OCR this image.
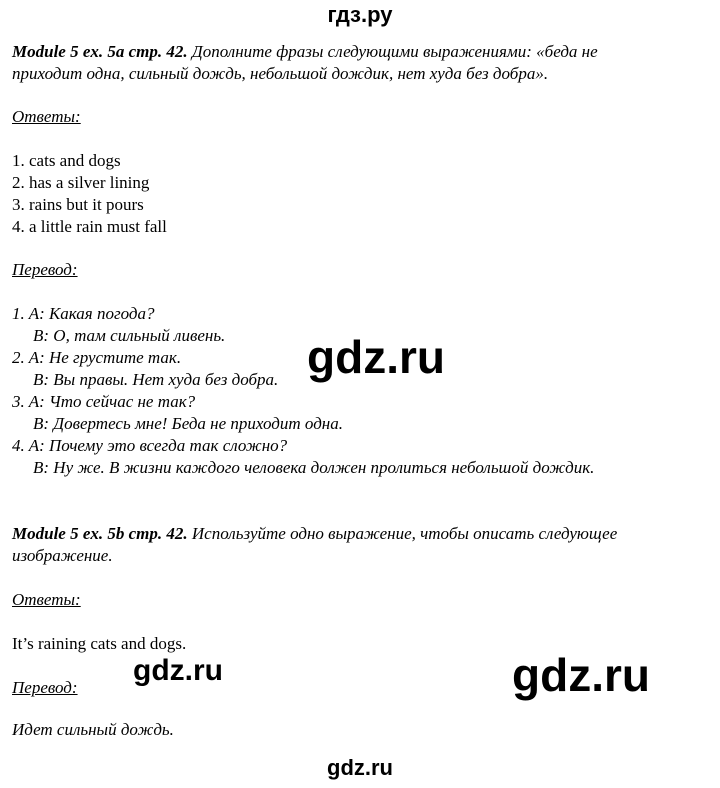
гдз.ру
Module 5 ex. 5a стр. 42. Дополните фразы следующими выражениями: «беда не
приходит одна, сильный дождь, небольшой дождик, нет худа без добра».
Ответы:
1. cats and dogs
2. has a silver lining
3. rains but it pours
4. a little rain must fall
Перевод:
1. A: Какая погода?
B: О, там сильный ливень.
2. A: Не грустите так.
B: Вы правы. Нет худа без добра.
3. A: Что сейчас не так?
B: Довертесь мне! Беда не приходит одна.
4. A: Почему это всегда так сложно?
B: Ну же. В жизни каждого человека должен пролиться небольшой дождик.
Module 5 ex. 5b стр. 42. Используйте одно выражение, чтобы описать следующее
изображение.
Ответы:
It’s raining cats and dogs.
Перевод:
Идет сильный дождь.
gdz.ru
gdz.ru	gdz.ru
gdz.ru
